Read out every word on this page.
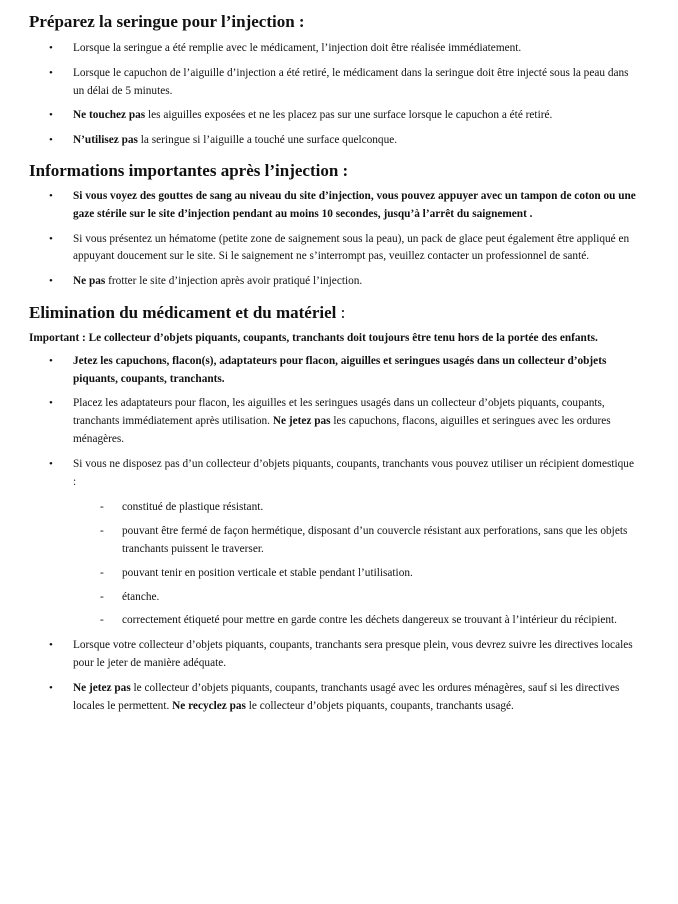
Préparez la seringue pour l’injection :
•	Lorsque la seringue a été remplie avec le médicament, l’injection doit être réalisée immédiatement.
•	Lorsque le capuchon de l’aiguille d’injection a été retiré, le médicament dans la seringue doit être injecté sous la peau dans un délai de 5 minutes.
•	Ne touchez pas les aiguilles exposées et ne les placez pas sur une surface lorsque le capuchon a été retiré.
•	N’utilisez pas la seringue si l’aiguille a touché une surface quelconque.
Informations importantes après l’injection :
•	Si vous voyez des gouttes de sang au niveau du site d’injection, vous pouvez appuyer avec un tampon de coton ou une gaze stérile sur le site d’injection pendant au moins 10 secondes, jusqu’à l’arrêt du saignement .
•	Si vous présentez un hématome (petite zone de saignement sous la peau), un pack de glace peut également être appliqué en appuyant doucement sur le site. Si le saignement ne s’interrompt pas, veuillez contacter un professionnel de santé.
•	Ne pas frotter le site d’injection après avoir pratiqué l’injection.
Elimination du médicament et du matériel :

Important : Le collecteur d’objets piquants, coupants, tranchants doit toujours être tenu hors de la portée des enfants.

•	Jetez les capuchons, flacon(s), adaptateurs pour flacon, aiguilles et seringues usagés dans un collecteur d’objets piquants, coupants, tranchants.
•	Placez les adaptateurs pour flacon, les aiguilles et les seringues usagés dans un collecteur d’objets piquants, coupants, tranchants immédiatement après utilisation. Ne jetez pas les capuchons, flacons, aiguilles et seringues avec les ordures ménagères.
•	Si vous ne disposez pas d’un collecteur d’objets piquants, coupants, tranchants vous pouvez utiliser un récipient domestique :
- constitué de plastique résistant.
- pouvant être fermé de façon hermétique, disposant d’un couvercle résistant aux perforations, sans que les objets tranchants puissent le traverser.
- pouvant tenir en position verticale et stable pendant l’utilisation.
- étanche.
- correctement étiqueté pour mettre en garde contre les déchets dangereux se trouvant à l’intérieur du récipient.
•	Lorsque votre collecteur d’objets piquants, coupants, tranchants sera presque plein, vous devrez suivre les directives locales pour le jeter de manière adéquate.
•	Ne jetez pas le collecteur d’objets piquants, coupants, tranchants usagé avec les ordures ménagères, sauf si les directives locales le permettent. Ne recyclez pas le collecteur d’objets piquants, coupants, tranchants usagé.
